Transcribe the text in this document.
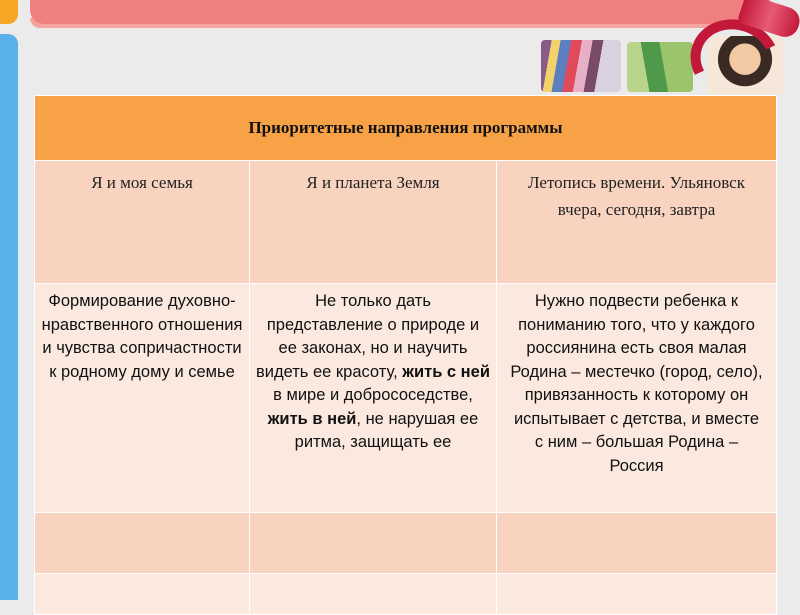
Приоритетные направления программы		

Я и моя семья	Я и планета Земля	Летопись времени. Ульяновск вчера, сегодня, завтра

Формирование духовно-нравственного отношения и чувства сопричастности к родному дому и семье	Не только дать представление о природе и ее законах, но и научить видеть ее красоту, жить с ней в мире и добрососедстве, жить в ней, не нарушая ее ритма, защищать ее	Нужно подвести ребенка к пониманию того, что у каждого россиянина есть своя малая Родина – местечко (город, село), привязанность к которому он испытывает с детства, и вместе с ним – большая Родина – Россия
